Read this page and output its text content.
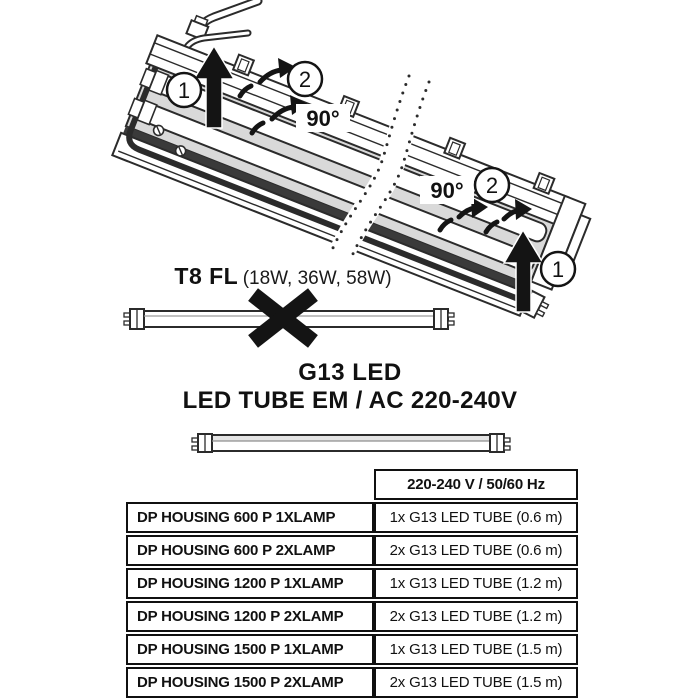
90°
90°
1	2
2
1
T8 FL (18W, 36W, 58W)
G13 LED
LED TUBE EM / AC 220-240V
220-240 V / 50/60 Hz
DP HOUSING 600 P 1XLAMP	1x G13 LED TUBE (0.6 m)
DP HOUSING 600 P 2XLAMP	2x G13 LED TUBE (0.6 m)
DP HOUSING 1200 P 1XLAMP	1x G13 LED TUBE (1.2 m)
DP HOUSING 1200 P 2XLAMP	2x G13 LED TUBE (1.2 m)
DP HOUSING 1500 P 1XLAMP	1x G13 LED TUBE (1.5 m)
DP HOUSING 1500 P 2XLAMP	2x G13 LED TUBE (1.5 m)
